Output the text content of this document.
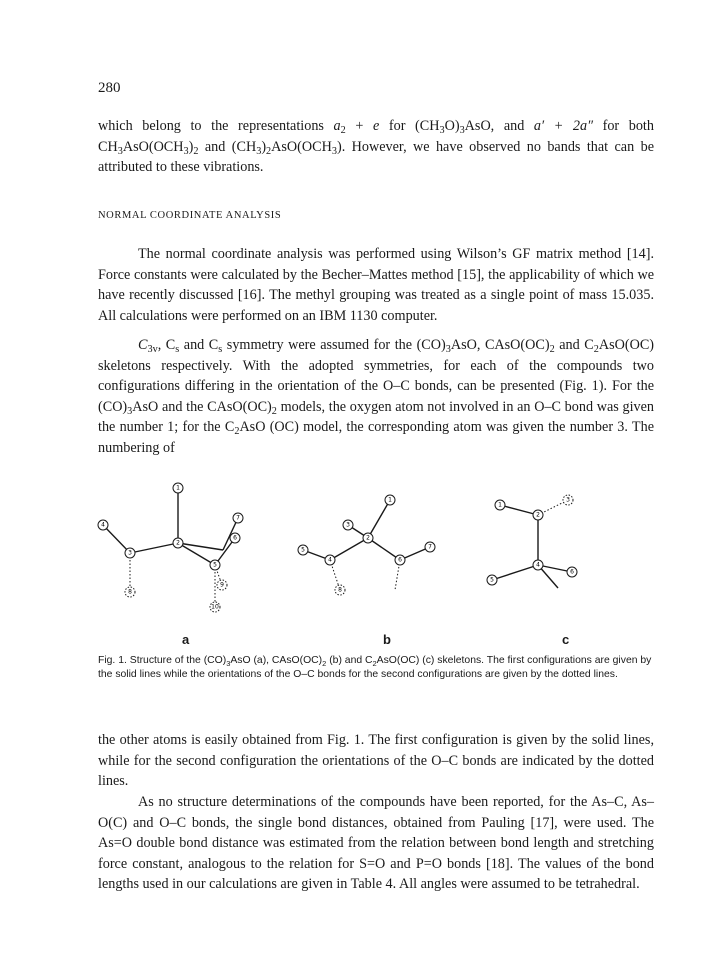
280

which belong to the representations $a_2 + e$ for $(CH_3O)_3AsO$, and a′ + 2a″ for both $CH_3AsO(OCH_3)_2$ and $(CH_3)_2AsO(OCH_3)$. However, we have observed no bands that can be attributed to these vibrations.

NORMAL COORDINATE ANALYSIS

The normal coordinate analysis was performed using Wilson’s GF matrix method [14]. Force constants were calculated by the Becher–Mattes method [15], the applicability of which we have recently discussed [16]. The methyl grouping was treated as a single point of mass 15.035. All calculations were performed on an IBM 1130 computer.

$C_{3v}$, $C_s$ and $C_s$ symmetry were assumed for the $(CO)_3AsO$, $CAsO(OC)_2$ and $C_2AsO(OC)$ skeletons respectively. With the adopted symmetries, for each of the compounds two configurations differing in the orientation of the O–C bonds, can be presented (Fig. 1). For the $(CO)_3AsO$ and the $CAsO(OC)_2$ models, the oxygen atom not involved in an O–C bond was given the number 1; for the $C_2AsO$ (OC) model, the corresponding atom was given the number 3. The numbering of

1
2
3
4
5
6
7
8
9
10
1
2
3
4
5
6
7
8
1
2
3
4
5
6
a	b	c

Fig. 1. Structure of the $(CO)_3AsO$ (a), $CAsO(OC)_2$ (b) and $C_2AsO(OC)$ (c) skeletons. The first configurations are given by the solid lines while the orientations of the O–C bonds for the second configurations are given by the dotted lines.

the other atoms is easily obtained from Fig. 1. The first configuration is given by the solid lines, while for the second configuration the orientations of the O–C bonds are indicated by the dotted lines.

As no structure determinations of the compounds have been reported, for the As–C, As–O(C) and O–C bonds, the single bond distances, obtained from Pauling [17], were used. The As=O double bond distance was estimated from the relation between bond length and stretching force constant, analogous to the relation for S=O and P=O bonds [18]. The values of the bond lengths used in our calculations are given in Table 4. All angles were assumed to be tetrahedral.
